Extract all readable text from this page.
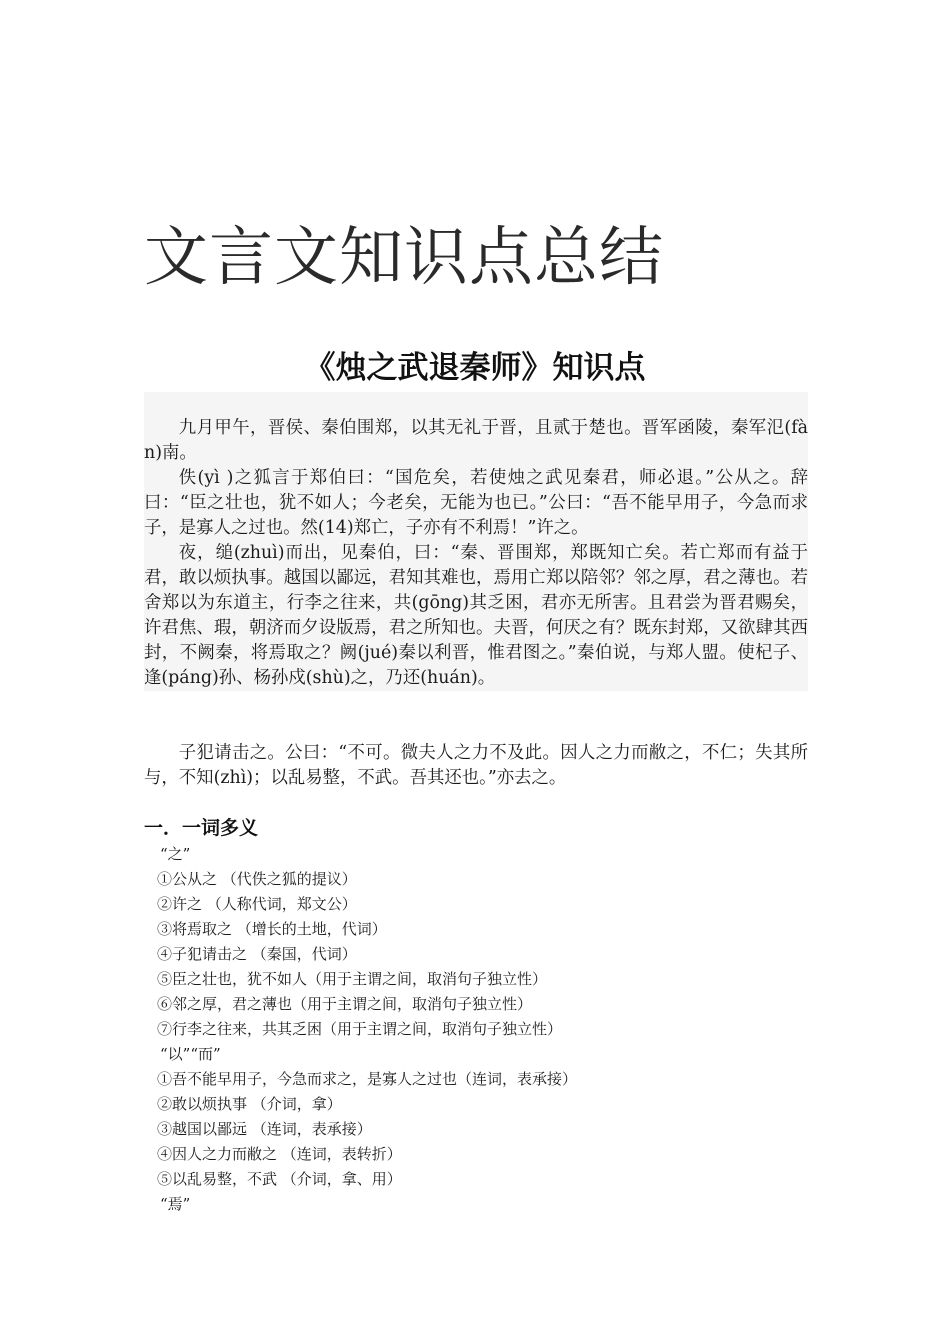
文言文知识点总结
《烛之武退秦师》知识点

九月甲午，晋侯、秦伯围郑，以其无礼于晋，且贰于楚也。晋军函陵，秦军氾(fàn)南。

佚(yì )之狐言于郑伯曰：“国危矣，若使烛之武见秦君，师必退。”公从之。辞曰：“臣之壮也，犹不如人；今老矣，无能为也已。”公曰：“吾不能早用子，今急而求子，是寡人之过也。然(14)郑亡，子亦有不利焉！”许之。

夜，缒(zhuì)而出，见秦伯，曰：“秦、晋围郑，郑既知亡矣。若亡郑而有益于君，敢以烦执事。越国以鄙远，君知其难也，焉用亡郑以陪邻？邻之厚，君之薄也。若舍郑以为东道主，行李之往来，共(gōng)其乏困，君亦无所害。且君尝为晋君赐矣，许君焦、瑕，朝济而夕设版焉，君之所知也。夫晋，何厌之有？既东封郑，又欲肆其西封，不阙秦，将焉取之？阙(jué)秦以利晋，惟君图之。”秦伯说，与郑人盟。使杞子、逢(páng)孙、杨孙戍(shù)之，乃还(huán)。

子犯请击之。公曰：“不可。微夫人之力不及此。因人之力而敝之，不仁；失其所与，不知(zhì)；以乱易整，不武。吾其还也。”亦去之。

一．一词多义
“之”
①公从之 （代佚之狐的提议）
②许之 （人称代词，郑文公）
③将焉取之 （增长的土地，代词）
④子犯请击之 （秦国，代词）
⑤臣之壮也，犹不如人（用于主谓之间，取消句子独立性）
⑥邻之厚，君之薄也（用于主谓之间，取消句子独立性）
⑦行李之往来，共其乏困（用于主谓之间，取消句子独立性）
“以”“而”
①吾不能早用子，今急而求之，是寡人之过也（连词，表承接）
②敢以烦执事 （介词，拿）
③越国以鄙远 （连词，表承接）
④因人之力而敝之 （连词，表转折）
⑤以乱易整，不武 （介词，拿、用）
“焉”
